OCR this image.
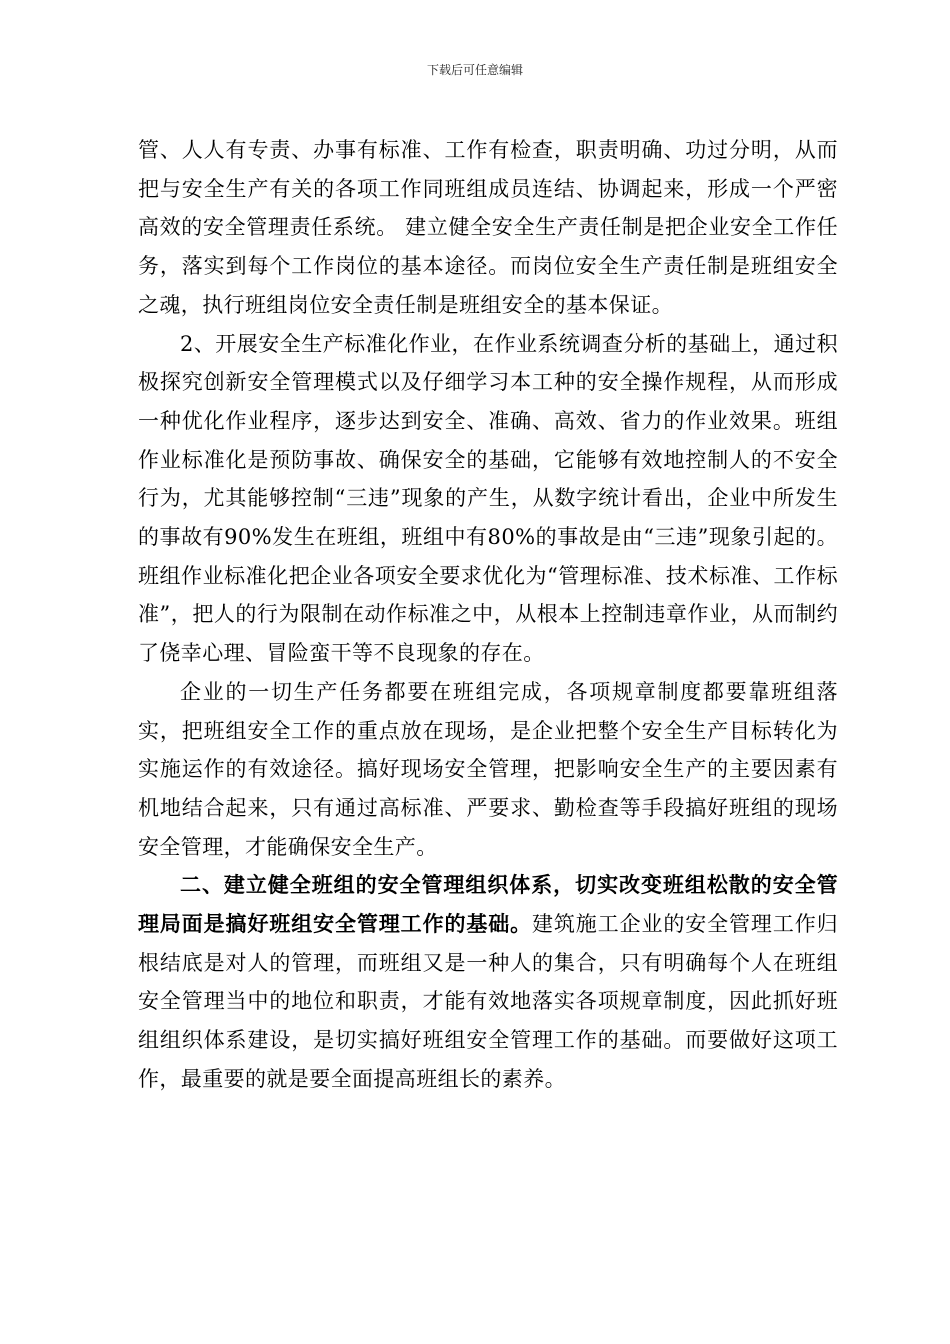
下载后可任意编辑

管、人人有专责、办事有标准、工作有检查，职责明确、功过分明，从而把与安全生产有关的各项工作同班组成员连结、协调起来，形成一个严密高效的安全管理责任系统。 建立健全安全生产责任制是把企业安全工作任务，落实到每个工作岗位的基本途径。而岗位安全生产责任制是班组安全之魂，执行班组岗位安全责任制是班组安全的基本保证。

2、开展安全生产标准化作业，在作业系统调查分析的基础上，通过积极探究创新安全管理模式以及仔细学习本工种的安全操作规程，从而形成一种优化作业程序，逐步达到安全、准确、高效、省力的作业效果。班组作业标准化是预防事故、确保安全的基础，它能够有效地控制人的不安全行为，尤其能够控制“三违”现象的产生，从数字统计看出，企业中所发生的事故有90%发生在班组，班组中有80%的事故是由“三违”现象引起的。班组作业标准化把企业各项安全要求优化为“管理标准、技术标准、工作标准”，把人的行为限制在动作标准之中，从根本上控制违章作业，从而制约了侥幸心理、冒险蛮干等不良现象的存在。

企业的一切生产任务都要在班组完成，各项规章制度都要靠班组落实，把班组安全工作的重点放在现场，是企业把整个安全生产目标转化为实施运作的有效途径。搞好现场安全管理，把影响安全生产的主要因素有机地结合起来，只有通过高标准、严要求、勤检查等手段搞好班组的现场安全管理，才能确保安全生产。

二、建立健全班组的安全管理组织体系，切实改变班组松散的安全管理局面是搞好班组安全管理工作的基础。建筑施工企业的安全管理工作归根结底是对人的管理，而班组又是一种人的集合，只有明确每个人在班组安全管理当中的地位和职责，才能有效地落实各项规章制度，因此抓好班组组织体系建设，是切实搞好班组安全管理工作的基础。而要做好这项工作，最重要的就是要全面提高班组长的素养。
